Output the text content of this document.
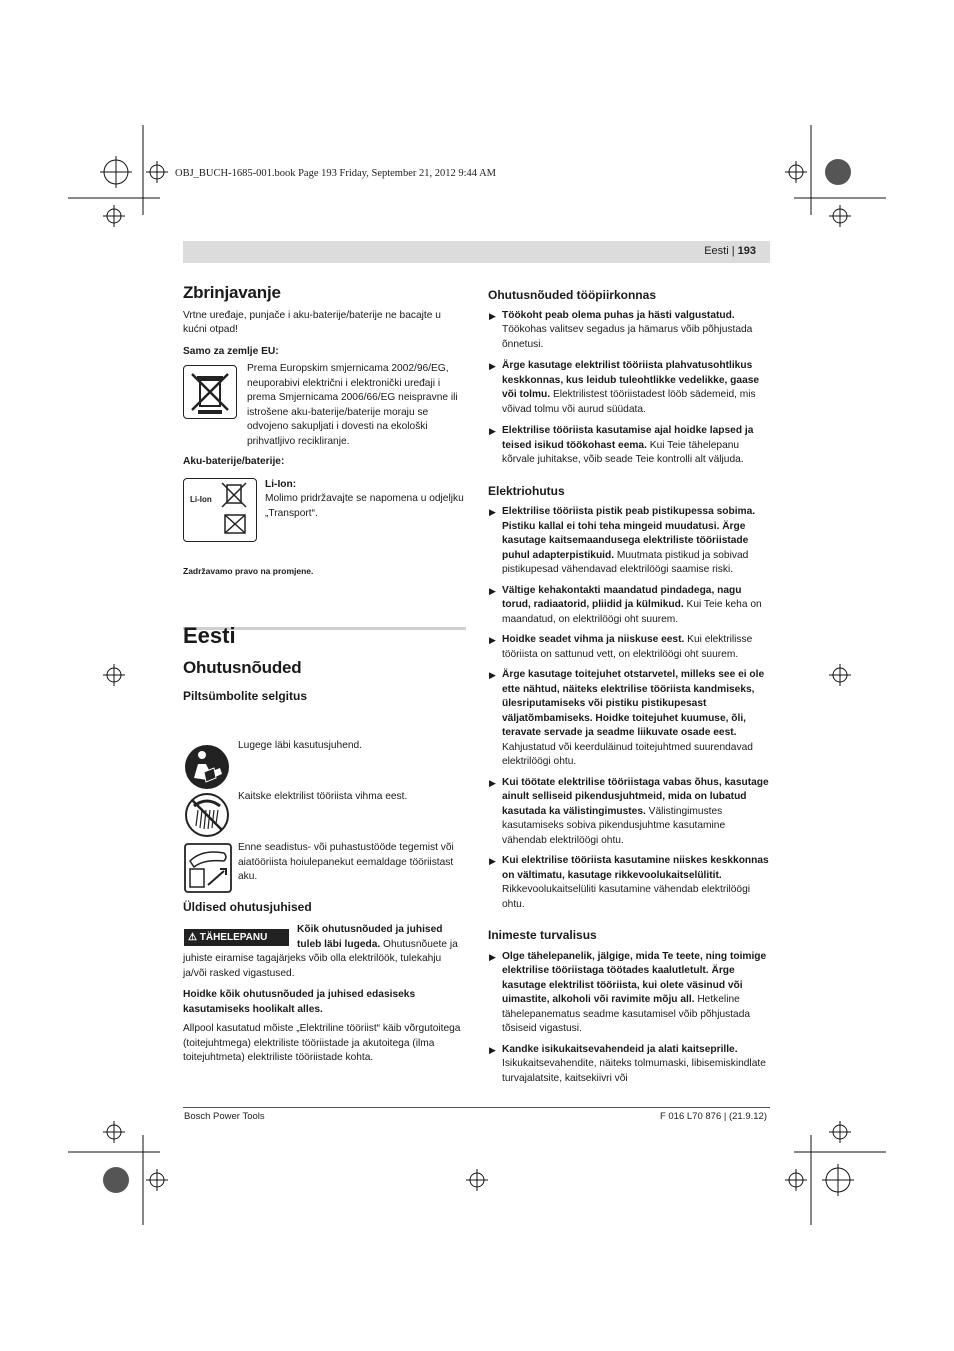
OBJ_BUCH-1685-001.book Page 193 Friday, September 21, 2012 9:44 AM
Eesti | 193
Zbrinjavanje

Vrtne uređaje, punjače i aku-baterije/baterije ne bacajte u kućni otpad!

Samo za zemlje EU:

Prema Europskim smjernicama 2002/96/EG, neuporabivi električni i elektronički uređaji i prema Smjernicama 2006/66/EG neispravne ili istrošene aku-baterije/baterije moraju se odvojeno sakupljati i dovesti na ekološki prihvatljivo recikliranje.

Aku-baterije/baterije:

Li-Ion

Li-Ion:

Molimo pridržavajte se napomena u odjeljku „Transport“.

Zadržavamo pravo na promjene.

Eesti
Ohutusnõuded
Piltsümbolite selgitus

Lugege läbi kasutusjuhend.

Kaitske elektrilist tööriista vihma eest.

Enne seadistus- või puhastustööde tegemist või aiatööriista hoiulepanekut eemaldage tööriistast aku.

Üldised ohutusjuhised
⚠ TÄHELEPANU

Kõik ohutusnõuded ja juhised tuleb läbi lugeda. Ohutusnõuete ja juhiste eiramise tagajärjeks võib olla elektrilöök, tulekahju ja/või rasked vigastused.

Hoidke kõik ohutusnõuded ja juhised edasiseks kasutamiseks hoolikalt alles.

Allpool kasutatud mõiste „Elektriline tööriist“ käib võrgutoitega (toitejuhtmega) elektriliste tööriistade ja akutoitega (ilma toitejuhtmeta) elektriliste tööriistade kohta.

Ohutusnõuded tööpiirkonnas
▶ Töökoht peab olema puhas ja hästi valgustatud. Töökohas valitsev segadus ja hämarus võib põhjustada õnnetusi.
▶ Ärge kasutage elektrilist tööriista plahvatusohtlikus keskkonnas, kus leidub tuleohtlikke vedelikke, gaase või tolmu. Elektrilistest tööriistadest lööb sädemeid, mis võivad tolmu või aurud süüdata.
▶ Elektrilise tööriista kasutamise ajal hoidke lapsed ja teised isikud töökohast eema. Kui Teie tähelepanu kõrvale juhitakse, võib seade Teie kontrolli alt väljuda.
Elektriohutus
▶ Elektrilise tööriista pistik peab pistikupessa sobima. Pistiku kallal ei tohi teha mingeid muudatusi. Ärge kasutage kaitsemaandusega elektriliste tööriistade puhul adapterpistikuid. Muutmata pistikud ja sobivad pistikupesad vähendavad elektrilöögi saamise riski.
▶ Vältige kehakontakti maandatud pindadega, nagu torud, radiaatorid, pliidid ja külmikud. Kui Teie keha on maandatud, on elektrilöögi oht suurem.
▶ Hoidke seadet vihma ja niiskuse eest. Kui elektrilisse tööriista on sattunud vett, on elektrilöögi oht suurem.
▶ Ärge kasutage toitejuhet otstarvetel, milleks see ei ole ette nähtud, näiteks elektrilise tööriista kandmiseks, ülesriputamiseks või pistiku pistikupesast väljatõmbamiseks. Hoidke toitejuhet kuumuse, õli, teravate servade ja seadme liikuvate osade eest. Kahjustatud või keerduläinud toitejuhtmed suurendavad elektrilöögi ohtu.
▶ Kui töötate elektrilise tööriistaga vabas õhus, kasutage ainult selliseid pikendusjuhtmeid, mida on lubatud kasutada ka välistingimustes. Välistingimustes kasutamiseks sobiva pikendusjuhtme kasutamine vähendab elektrilöögi ohtu.
▶ Kui elektrilise tööriista kasutamine niiskes keskkonnas on vältimatu, kasutage rikkevoolukaitselülitit. Rikkevoolukaitselüliti kasutamine vähendab elektrilöögi ohtu.
Inimeste turvalisus
▶ Olge tähelepanelik, jälgige, mida Te teete, ning toimige elektrilise tööriistaga töötades kaalutletult. Ärge kasutage elektrilist tööriista, kui olete väsinud või uimastite, alkoholi või ravimite mõju all. Hetkeline tähelepanematus seadme kasutamisel võib põhjustada tõsiseid vigastusi.
▶ Kandke isikukaitsevahendeid ja alati kaitseprille. Isikukaitsevahendite, näiteks tolmumaski, libisemiskindlate turvajalatsite, kaitsekiivri või
Bosch Power Tools	F 016 L70 876 | (21.9.12)
